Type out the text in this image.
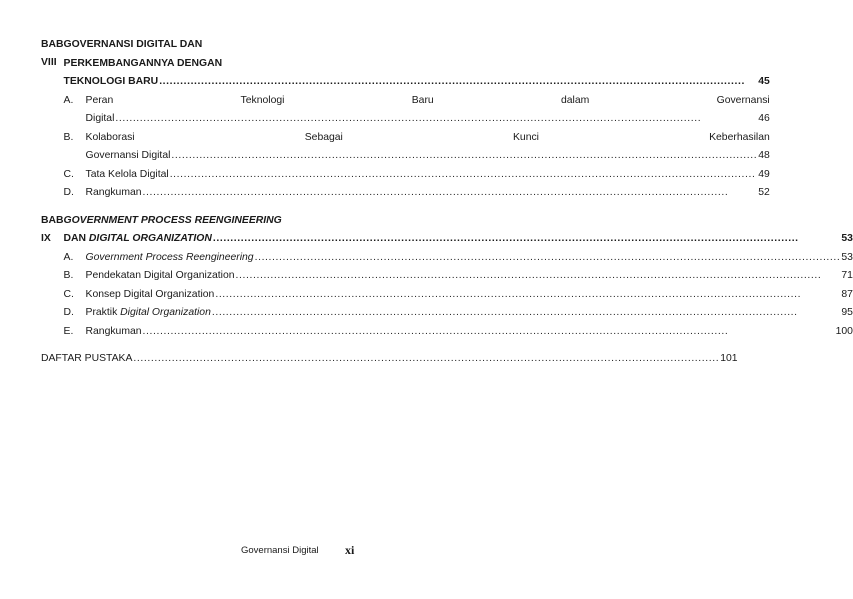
BAB VIII
GOVERNANSI DIGITAL DAN
PERKEMBANGANNYA DENGAN
TEKNOLOGI BARU .....	45
A.	Peran	Teknologi	Baru	dalam	Governansi
Digital .....	46
B.	Kolaborasi	Sebagai	Kunci	Keberhasilan
Governansi Digital .....	48
C.	Tata Kelola Digital .....	49
D.	Rangkuman .....	52
BAB IX
GOVERNMENT PROCESS REENGINEERING
DAN DIGITAL ORGANIZATION .....	53
A.	Government Process Reengineering .....	53
B.	Pendekatan Digital Organization .....	71
C.	Konsep Digital Organization .....	87
D.	Praktik Digital Organization .....	95
E.	Rangkuman .....	100
DAFTAR PUSTAKA .....	101
Governansi Digital xi
